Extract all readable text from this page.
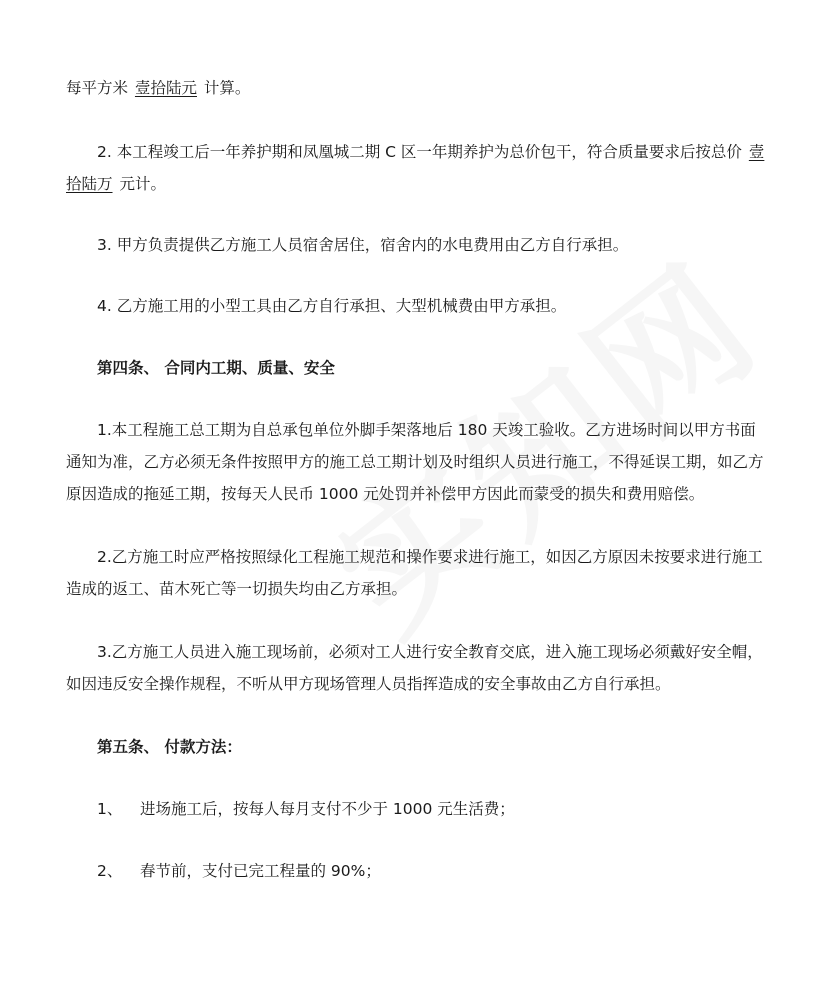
每平方米 壹拾陆元 计算。

2. 本工程竣工后一年养护期和凤凰城二期 C 区一年期养护为总价包干，符合质量要求后按总价 壹拾陆万 元计。

3. 甲方负责提供乙方施工人员宿舍居住，宿舍内的水电费用由乙方自行承担。

4. 乙方施工用的小型工具由乙方自行承担、大型机械费由甲方承担。

第四条、 合同内工期、质量、安全

1.本工程施工总工期为自总承包单位外脚手架落地后 180 天竣工验收。乙方进场时间以甲方书面通知为准，乙方必须无条件按照甲方的施工总工期计划及时组织人员进行施工，不得延误工期，如乙方原因造成的拖延工期，按每天人民币 1000 元处罚并补偿甲方因此而蒙受的损失和费用赔偿。

2.乙方施工时应严格按照绿化工程施工规范和操作要求进行施工，如因乙方原因未按要求进行施工造成的返工、苗木死亡等一切损失均由乙方承担。

3.乙方施工人员进入施工现场前，必须对工人进行安全教育交底，进入施工现场必须戴好安全帽，如因违反安全操作规程，不听从甲方现场管理人员指挥造成的安全事故由乙方自行承担。

第五条、 付款方法：

1、 进场施工后，按每人每月支付不少于 1000 元生活费；

2、 春节前，支付已完工程量的 90%；
